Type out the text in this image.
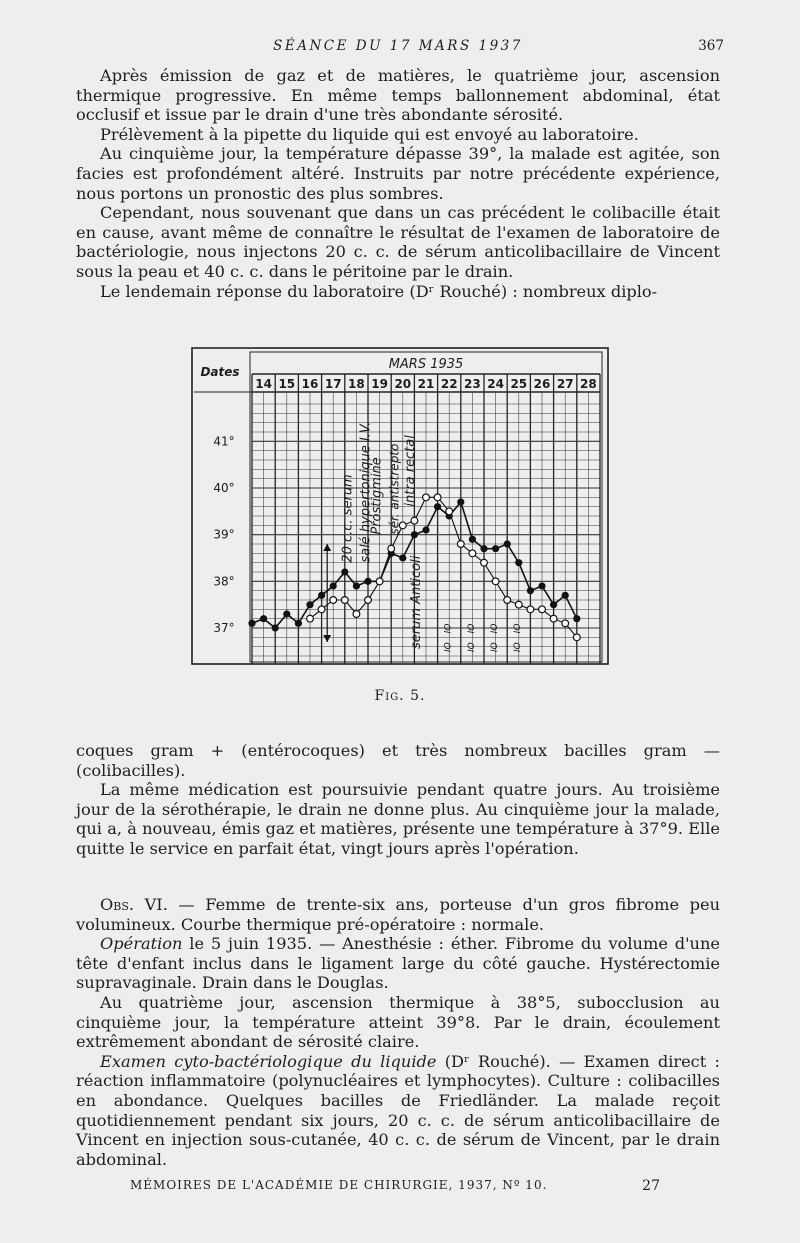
SÉANCE DU 17 MARS 1937	367

Après émission de gaz et de matières, le quatrième jour, ascension thermique progressive. En même temps ballonnement abdominal, état occlusif et issue par le drain d'une très abondante sérosité.

Prélèvement à la pipette du liquide qui est envoyé au laboratoire.

Au cinquième jour, la température dépasse 39°, la malade est agitée, son facies est profondément altéré. Instruits par notre précédente expérience, nous portons un pronostic des plus sombres.

Cependant, nous souvenant que dans un cas précédent le colibacille était en cause, avant même de connaître le résultat de l'examen de laboratoire de bactériologie, nous injectons 20 c. c. de sérum anticolibacillaire de Vincent sous la peau et 40 c. c. dans le péritoine par le drain.

Le lendemain réponse du laboratoire (Dʳ Rouché) : nombreux diplo-

MARS 1935
Dates
14 15 16 17 18 19 20 21 22 23 24 25 26 27 28
41°
40°
39°
38°
37°
20 c.c. serum salé hypertonique I.V.
Prostigmine sér. antistrepto intra rectal
serum Anticoli IO
IO
IO
IO
IO
IO
IO
IO
Fig. 5.

coques gram + (entérocoques) et très nombreux bacilles gram — (colibacilles).

La même médication est poursuivie pendant quatre jours. Au troisième jour de la sérothérapie, le drain ne donne plus. Au cinquième jour la malade, qui a, à nouveau, émis gaz et matières, présente une température à 37°9. Elle quitte le service en parfait état, vingt jours après l'opération.

Obs. VI. — Femme de trente-six ans, porteuse d'un gros fibrome peu volumineux. Courbe thermique pré-opératoire : normale.

Opération le 5 juin 1935. — Anesthésie : éther. Fibrome du volume d'une tête d'enfant inclus dans le ligament large du côté gauche. Hystérectomie supravaginale. Drain dans le Douglas.

Au quatrième jour, ascension thermique à 38°5, subocclusion au cinquième jour, la température atteint 39°8. Par le drain, écoulement extrêmement abondant de sérosité claire.

Examen cyto-bactériologique du liquide (Dʳ Rouché). — Examen direct : réaction inflammatoire (polynucléaires et lymphocytes). Culture : colibacilles en abondance. Quelques bacilles de Friedländer. La malade reçoit quotidiennement pendant six jours, 20 c. c. de sérum anticolibacillaire de Vincent en injection sous-cutanée, 40 c. c. de sérum de Vincent, par le drain abdominal.

MÉMOIRES DE L'ACADÉMIE DE CHIRURGIE, 1937, Nº 10.	27
